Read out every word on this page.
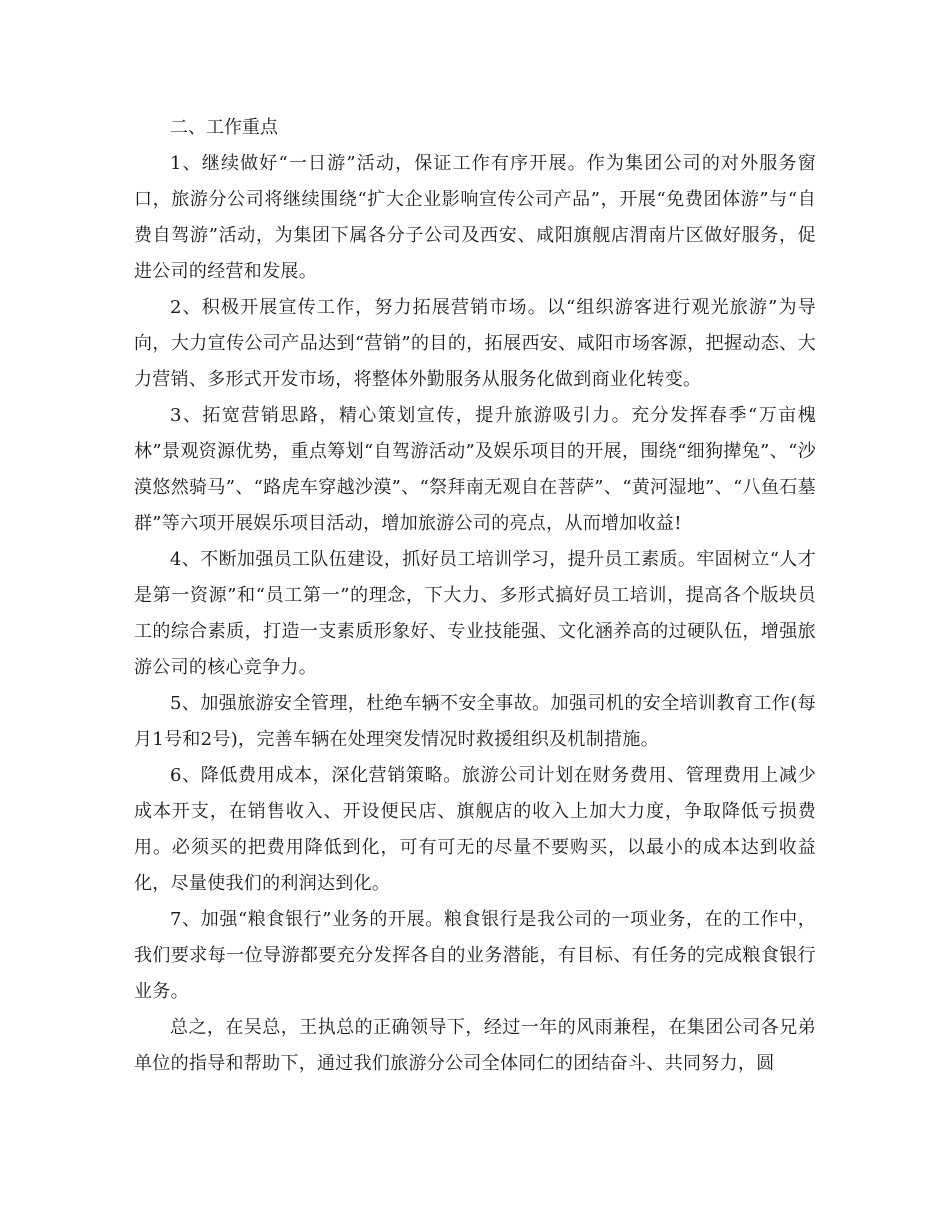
二、工作重点

1、继续做好“一日游”活动，保证工作有序开展。作为集团公司的对外服务窗口，旅游分公司将继续围绕“扩大企业影响宣传公司产品”，开展“免费团体游”与“自费自驾游”活动，为集团下属各分子公司及西安、咸阳旗舰店渭南片区做好服务，促进公司的经营和发展。

2、积极开展宣传工作，努力拓展营销市场。以“组织游客进行观光旅游”为导向，大力宣传公司产品达到“营销”的目的，拓展西安、咸阳市场客源，把握动态、大力营销、多形式开发市场，将整体外勤服务从服务化做到商业化转变。

3、拓宽营销思路，精心策划宣传，提升旅游吸引力。充分发挥春季“万亩槐林”景观资源优势，重点筹划“自驾游活动”及娱乐项目的开展，围绕“细狗撵兔”、“沙漠悠然骑马”、“路虎车穿越沙漠”、“祭拜南无观自在菩萨”、“黄河湿地”、“八鱼石墓群”等六项开展娱乐项目活动，增加旅游公司的亮点，从而增加收益!

4、不断加强员工队伍建设，抓好员工培训学习，提升员工素质。牢固树立“人才是第一资源”和“员工第一”的理念，下大力、多形式搞好员工培训，提高各个版块员工的综合素质，打造一支素质形象好、专业技能强、文化涵养高的过硬队伍，增强旅游公司的核心竞争力。

5、加强旅游安全管理，杜绝车辆不安全事故。加强司机的安全培训教育工作(每月1号和2号)，完善车辆在处理突发情况时救援组织及机制措施。

6、降低费用成本，深化营销策略。旅游公司计划在财务费用、管理费用上减少成本开支，在销售收入、开设便民店、旗舰店的收入上加大力度，争取降低亏损费用。必须买的把费用降低到化，可有可无的尽量不要购买，以最小的成本达到收益化，尽量使我们的利润达到化。

7、加强“粮食银行”业务的开展。粮食银行是我公司的一项业务，在的工作中，我们要求每一位导游都要充分发挥各自的业务潜能，有目标、有任务的完成粮食银行业务。

总之，在吴总，王执总的正确领导下，经过一年的风雨兼程，在集团公司各兄弟单位的指导和帮助下，通过我们旅游分公司全体同仁的团结奋斗、共同努力，圆
